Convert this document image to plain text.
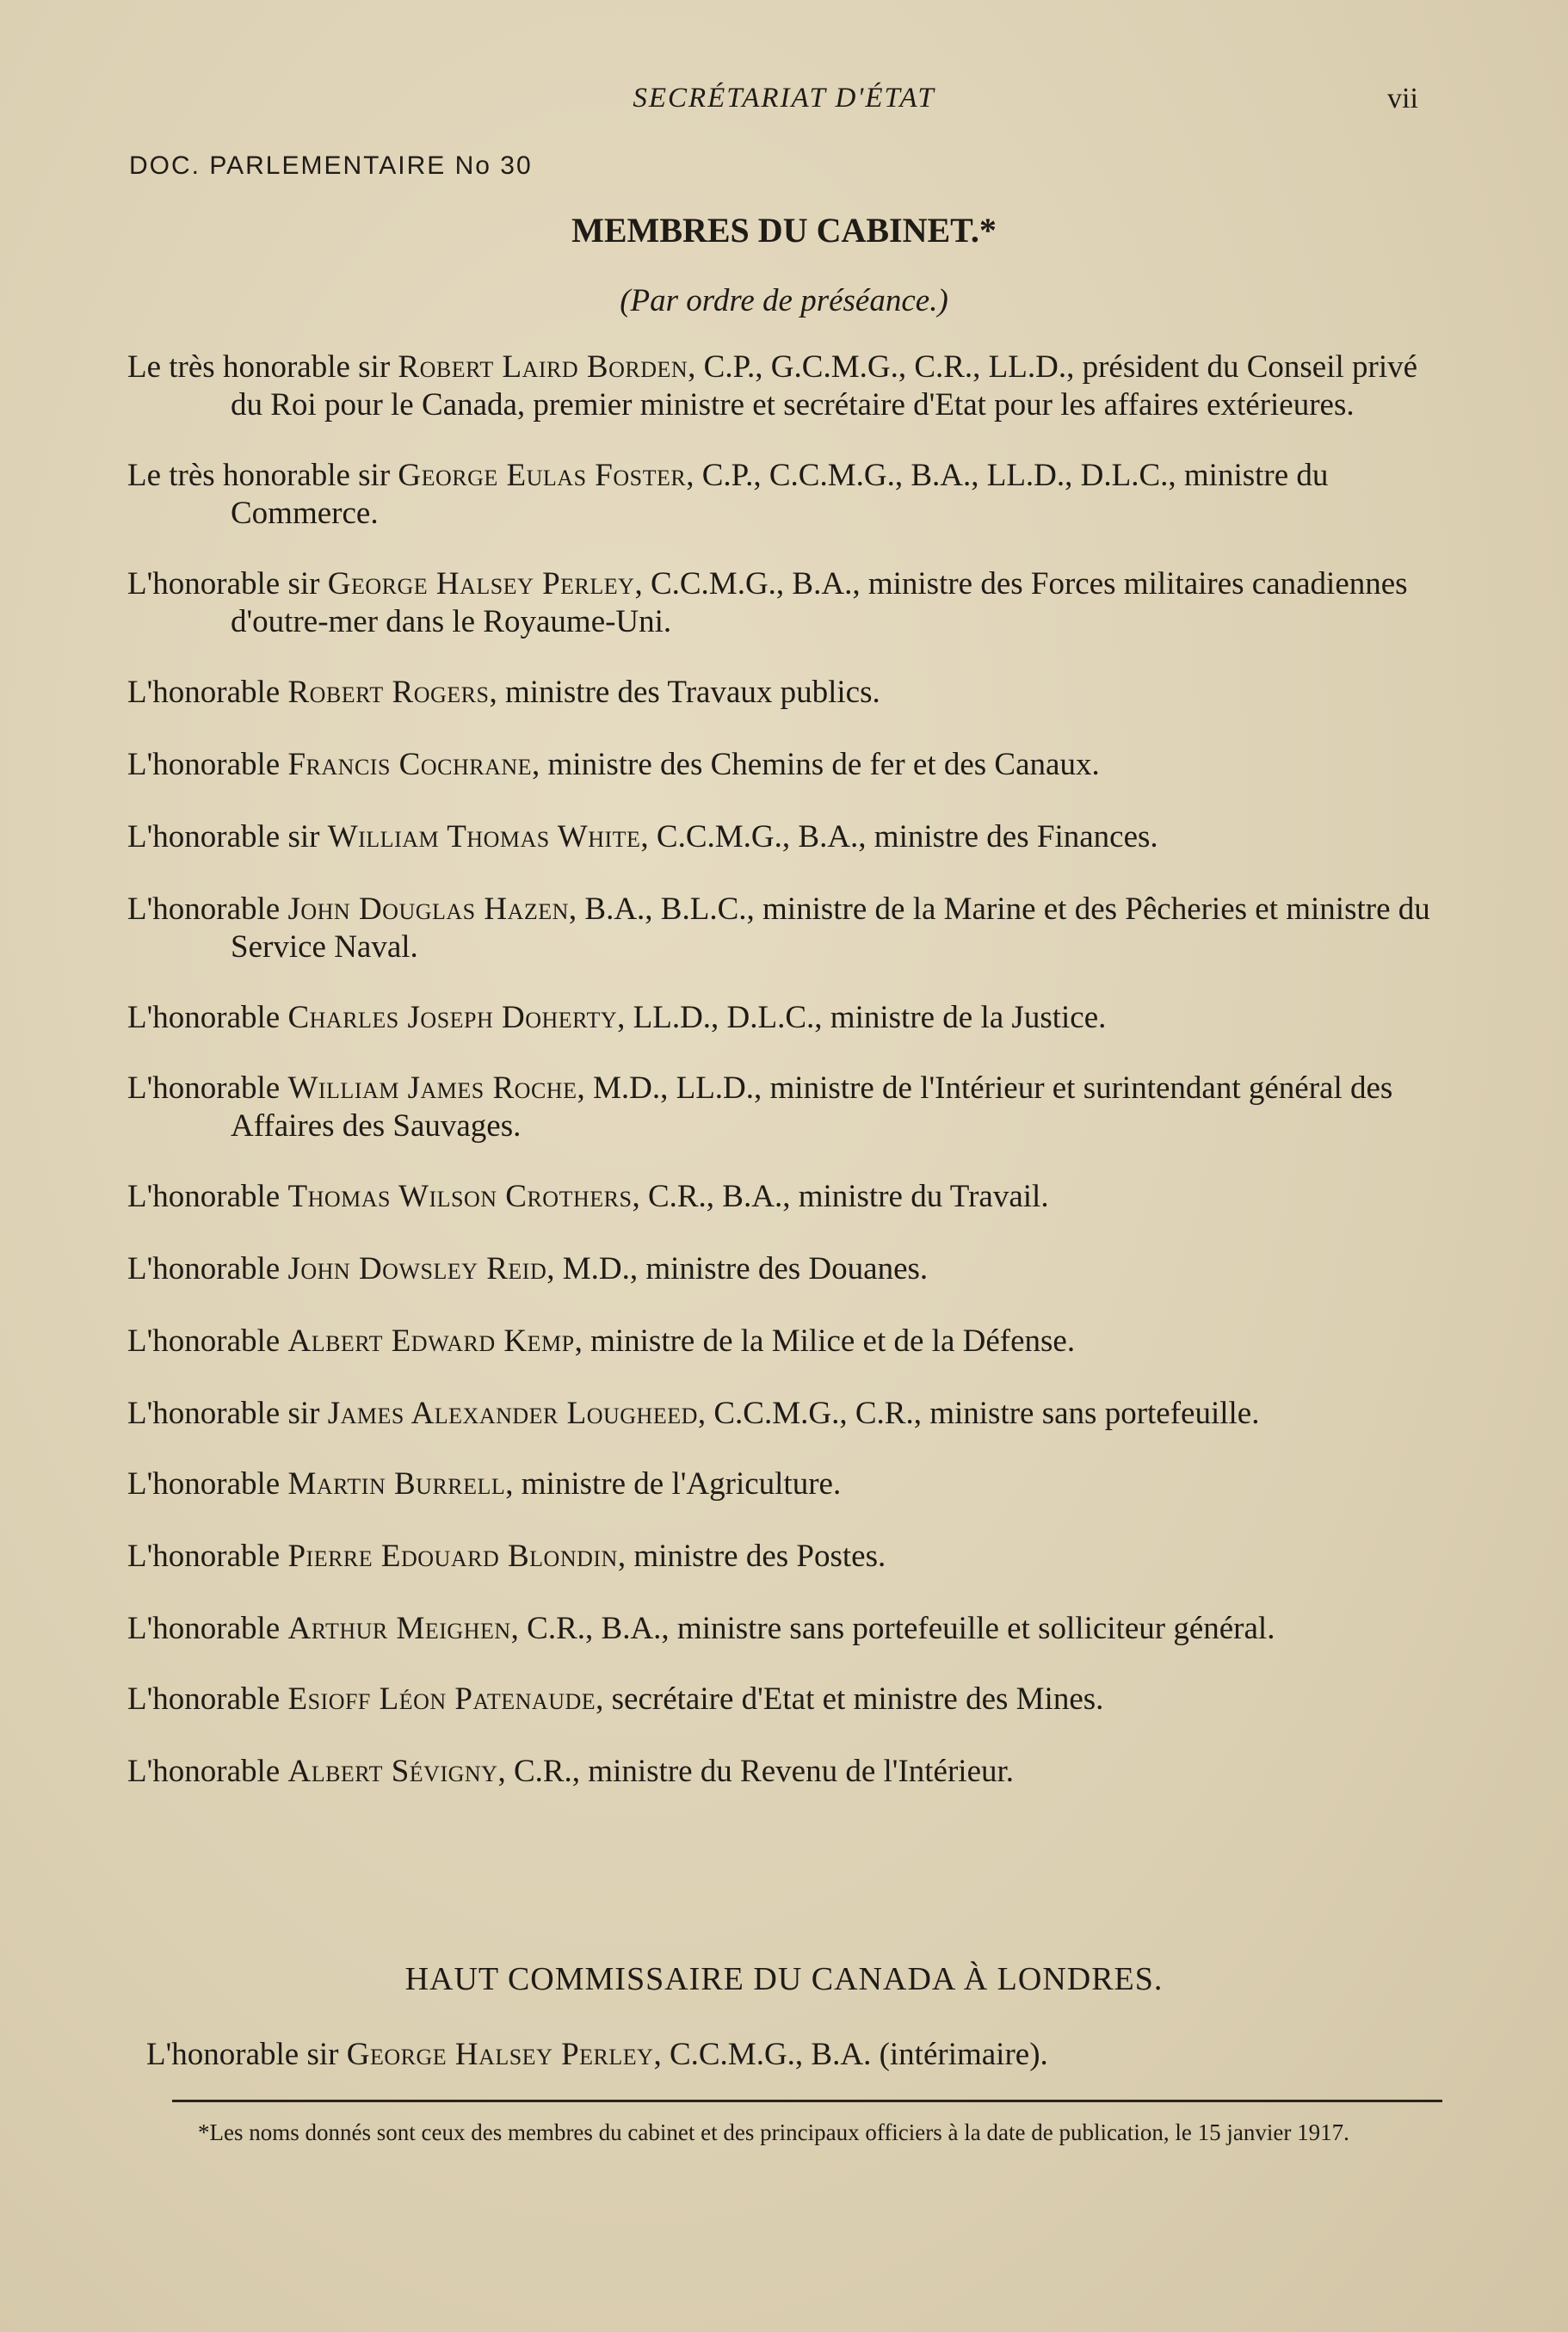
SECRÉTARIAT D'ÉTAT	vii
DOC. PARLEMENTAIRE No 30
MEMBRES DU CABINET.*
(Par ordre de préséance.)
Le très honorable sir Robert Laird Borden, C.P., G.C.M.G., C.R., LL.D., président du Conseil privé du Roi pour le Canada, premier ministre et secrétaire d'Etat pour les affaires extérieures.
Le très honorable sir George Eulas Foster, C.P., C.C.M.G., B.A., LL.D., D.L.C., ministre du Commerce.
L'honorable sir George Halsey Perley, C.C.M.G., B.A., ministre des Forces militaires canadiennes d'outre-mer dans le Royaume-Uni.
L'honorable Robert Rogers, ministre des Travaux publics.
L'honorable Francis Cochrane, ministre des Chemins de fer et des Canaux.
L'honorable sir William Thomas White, C.C.M.G., B.A., ministre des Finances.
L'honorable John Douglas Hazen, B.A., B.L.C., ministre de la Marine et des Pêcheries et ministre du Service Naval.
L'honorable Charles Joseph Doherty, LL.D., D.L.C., ministre de la Justice.
L'honorable William James Roche, M.D., LL.D., ministre de l'Intérieur et surintendant général des Affaires des Sauvages.
L'honorable Thomas Wilson Crothers, C.R., B.A., ministre du Travail.
L'honorable John Dowsley Reid, M.D., ministre des Douanes.
L'honorable Albert Edward Kemp, ministre de la Milice et de la Défense.
L'honorable sir James Alexander Lougheed, C.C.M.G., C.R., ministre sans portefeuille.
L'honorable Martin Burrell, ministre de l'Agriculture.
L'honorable Pierre Edouard Blondin, ministre des Postes.
L'honorable Arthur Meighen, C.R., B.A., ministre sans portefeuille et solliciteur général.
L'honorable Esioff Léon Patenaude, secrétaire d'Etat et ministre des Mines.
L'honorable Albert Sévigny, C.R., ministre du Revenu de l'Intérieur.
HAUT COMMISSAIRE DU CANADA À LONDRES.
L'honorable sir George Halsey Perley, C.C.M.G., B.A. (intérimaire).
*Les noms donnés sont ceux des membres du cabinet et des principaux officiers à la date de publication, le 15 janvier 1917.
